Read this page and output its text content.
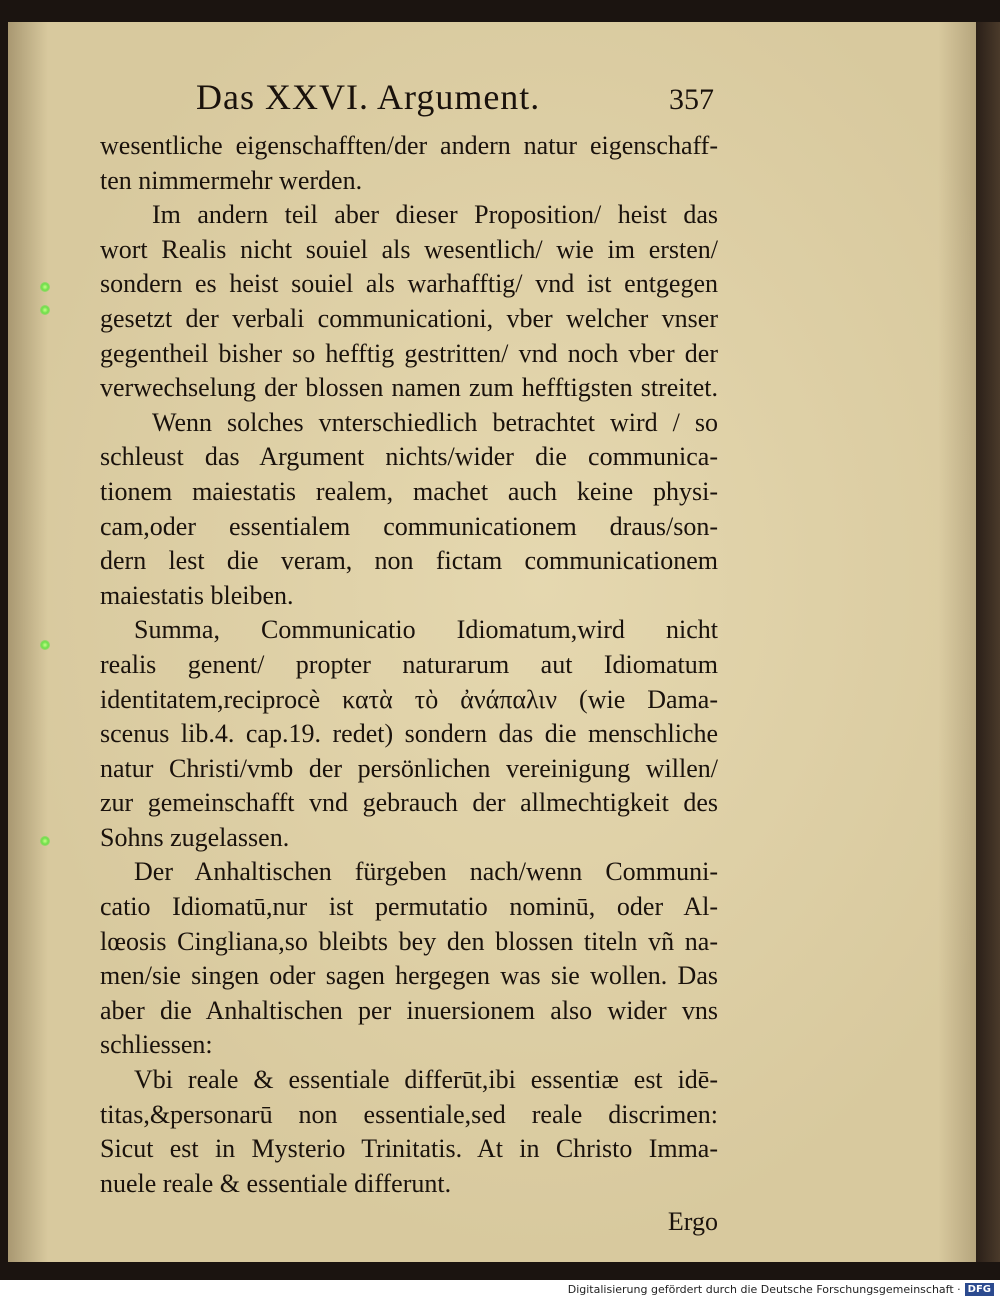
Das XXVI. Argument.	357
wesentliche eigenschafften/der andern natur eigenschaff-
ten nimmermehr werden.
Im andern teil aber dieser Proposition/ heist das
wort Realis nicht souiel als wesentlich/ wie im ersten/
sondern es heist souiel als warhafftig/ vnd ist entgegen
gesetzt der verbali communicationi, vber welcher vnser
gegentheil bisher so hefftig gestritten/ vnd noch vber der
verwechselung der blossen namen zum hefftigsten streitet.
Wenn solches vnterschiedlich betrachtet wird / so
schleust das Argument nichts/wider die communica-
tionem maiestatis realem, machet auch keine physi-
cam,oder essentialem communicationem draus/son-
dern lest die veram, non fictam communicationem
maiestatis bleiben.
Summa, Communicatio Idiomatum,wird nicht
realis genent/ propter naturarum aut Idiomatum
identitatem,reciprocè κατὰ τὸ ἀνάπαλιν (wie Dama-
scenus lib.4. cap.19. redet) sondern das die menschliche
natur Christi/vmb der persönlichen vereinigung willen/
zur gemeinschafft vnd gebrauch der allmechtigkeit des
Sohns zugelassen.
Der Anhaltischen fürgeben nach/wenn Communi-
catio Idiomatū,nur ist permutatio nominū, oder Al-
lœosis Cingliana,so bleibts bey den blossen titeln vñ na-
men/sie singen oder sagen hergegen was sie wollen. Das
aber die Anhaltischen per inuersionem also wider vns
schliessen:
Vbi reale & essentiale differūt,ibi essentiæ est idē-
titas,&personarū non essentiale,sed reale discrimen:
Sicut est in Mysterio Trinitatis. At in Christo Imma-
nuele reale & essentiale differunt.
Ergo
Digitalisierung gefördert durch die Deutsche Forschungsgemeinschaft · DFG
